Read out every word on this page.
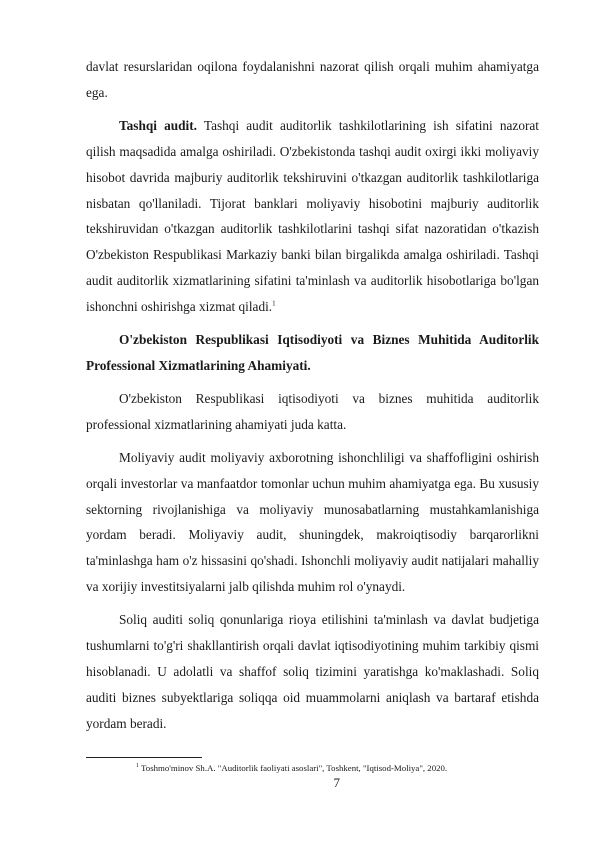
davlat resurslaridan oqilona foydalanishni nazorat qilish orqali muhim ahamiyatga ega.

Tashqi audit. Tashqi audit auditorlik tashkilotlarining ish sifatini nazorat qilish maqsadida amalga oshiriladi. O'zbekistonda tashqi audit oxirgi ikki moliyaviy hisobot davrida majburiy auditorlik tekshiruvini o'tkazgan auditorlik tashkilotlariga nisbatan qo'llaniladi. Tijorat banklari moliyaviy hisobotini majburiy auditorlik tekshiruvidan o'tkazgan auditorlik tashkilotlarini tashqi sifat nazoratidan o'tkazish O'zbekiston Respublikasi Markaziy banki bilan birgalikda amalga oshiriladi. Tashqi audit auditorlik xizmatlarining sifatini ta'minlash va auditorlik hisobotlariga bo'lgan ishonchni oshirishga xizmat qiladi.$^1$

O'zbekiston Respublikasi Iqtisodiyoti va Biznes Muhitida Auditorlik Professional Xizmatlarining Ahamiyati.

O'zbekiston Respublikasi iqtisodiyoti va biznes muhitida auditorlik professional xizmatlarining ahamiyati juda katta.

Moliyaviy audit moliyaviy axborotning ishonchliligi va shaffofligini oshirish orqali investorlar va manfaatdor tomonlar uchun muhim ahamiyatga ega. Bu xususiy sektorning rivojlanishiga va moliyaviy munosabatlarning mustahkamlanishiga yordam beradi. Moliyaviy audit, shuningdek, makroiqtisodiy barqarorlikni ta'minlashga ham o'z hissasini qo'shadi. Ishonchli moliyaviy audit natijalari mahalliy va xorijiy investitsiyalarni jalb qilishda muhim rol o'ynaydi.

Soliq auditi soliq qonunlariga rioya etilishini ta'minlash va davlat budjetiga tushumlarni to'g'ri shakllantirish orqali davlat iqtisodiyotining muhim tarkibiy qismi hisoblanadi. U adolatli va shaffof soliq tizimini yaratishga ko'maklashadi. Soliq auditi biznes subyektlariga soliqqa oid muammolarni aniqlash va bartaraf etishda yordam beradi.

$^1$ Toshmo'minov Sh.A. "Auditorlik faoliyati asoslari", Toshkent, "Iqtisod-Moliya", 2020.
7
